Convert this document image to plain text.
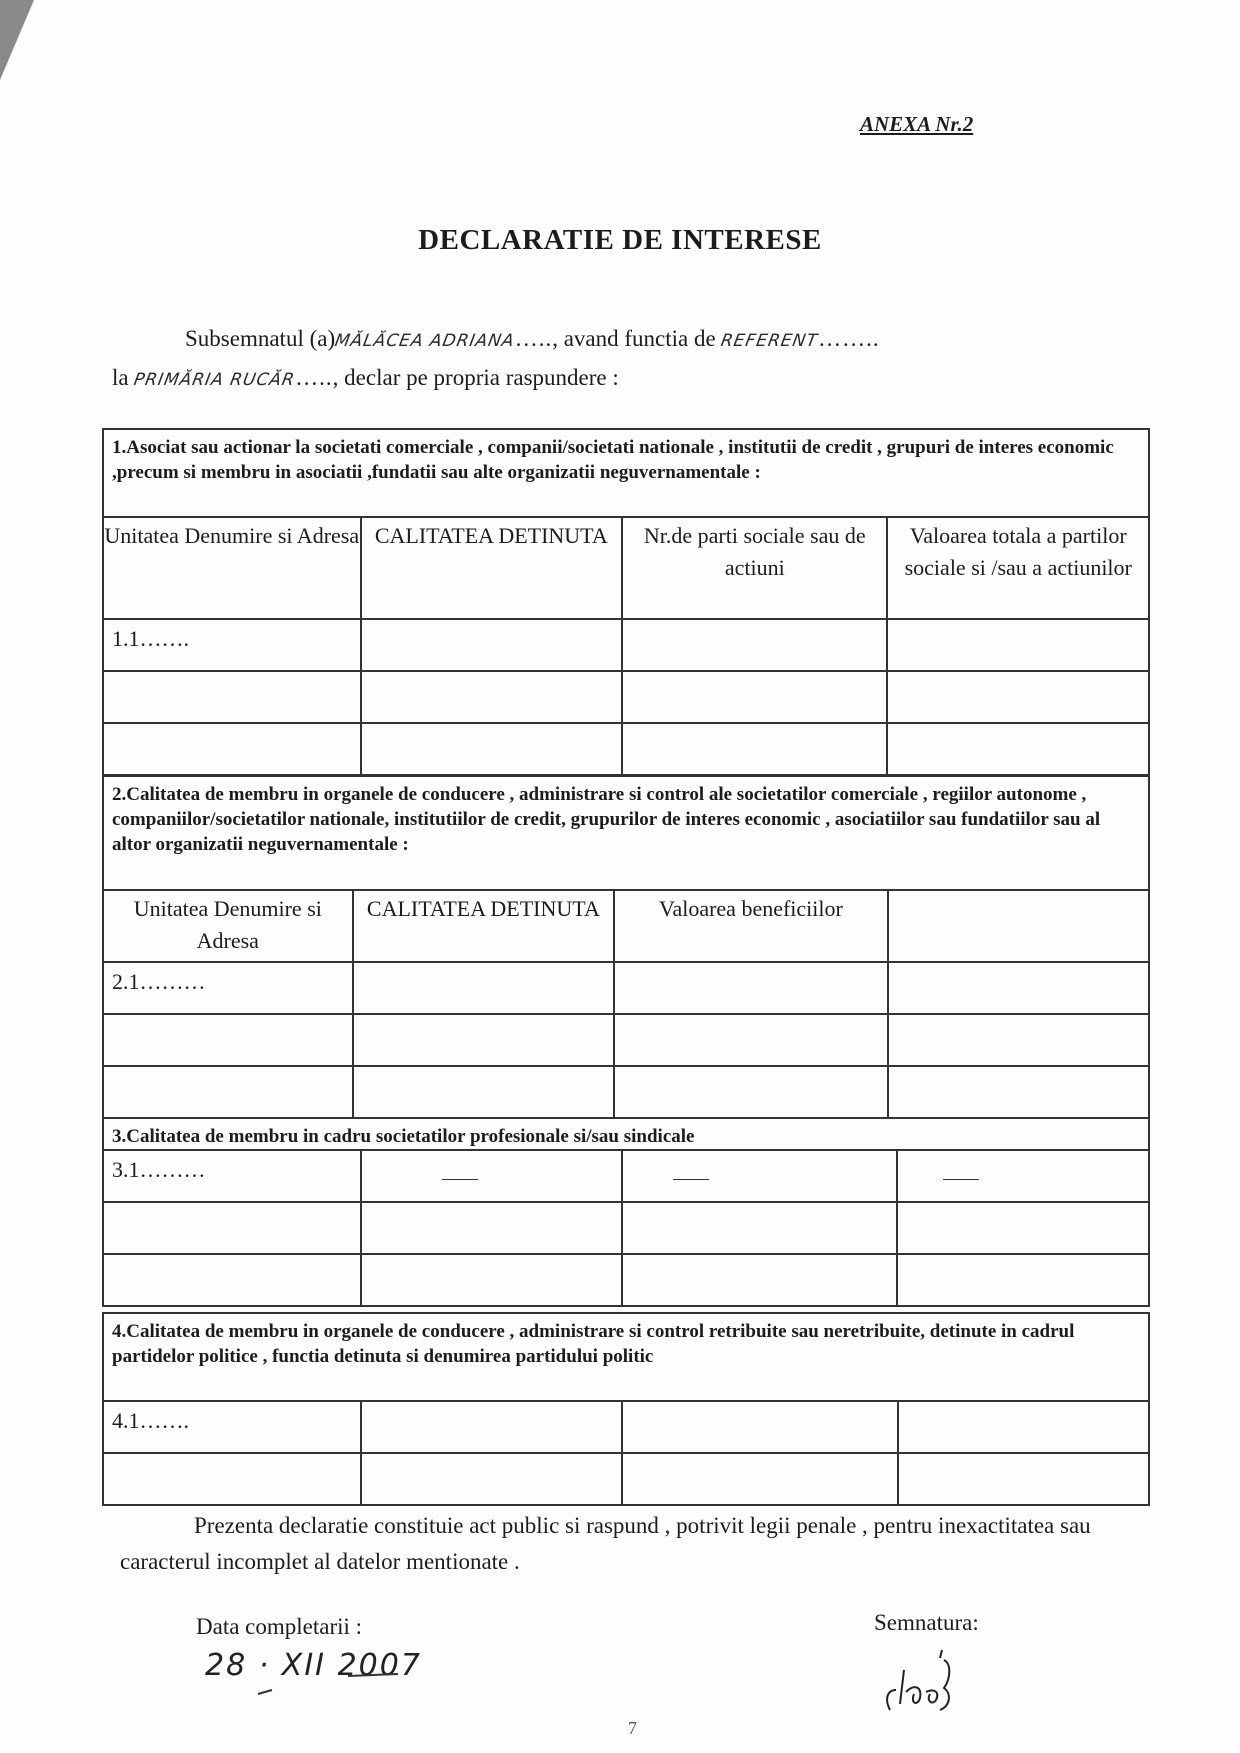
ANEXA Nr.2
DECLARATIE DE INTERESE
Subsemnatul (a)MĂLĂCEA ADRIANA….., avand functia de REFERENT……..
la PRIMĂRIA RUCĂR….., declar pe propria raspundere :
1.Asociat sau actionar la societati comerciale , companii/societati nationale , institutii de credit , grupuri de interes economic ,precum si membru in asociatii ,fundatii sau alte organizatii neguvernamentale :			
Unitatea Denumire si Adresa	CALITATEA DETINUTA	Nr.de parti sociale sau de actiuni	Valoarea totala a partilor sociale si /sau a actiunilor
1.1…….			

2.Calitatea de membru in organele de conducere , administrare si control ale societatilor comerciale , regiilor autonome , companiilor/societatilor nationale, institutiilor de credit, grupurilor de interes economic , asociatiilor sau fundatiilor sau al altor organizatii neguvernamentale :			
Unitatea Denumire si Adresa	CALITATEA DETINUTA	Valoarea beneficiilor	
2.1………			

3.Calitatea de membru in cadru societatilor profesionale si/sau sindicale			
3.1………			

4.Calitatea de membru in organele de conducere , administrare si control retribuite sau neretribuite, detinute in cadrul partidelor politice , functia detinuta si denumirea partidului politic			
4.1…….			

Prezenta declaratie constituie act public si raspund , potrivit legii penale , pentru inexactitatea sau caracterul incomplet al datelor mentionate .
Data completarii :
28 · XII 2007
Semnatura:
7
